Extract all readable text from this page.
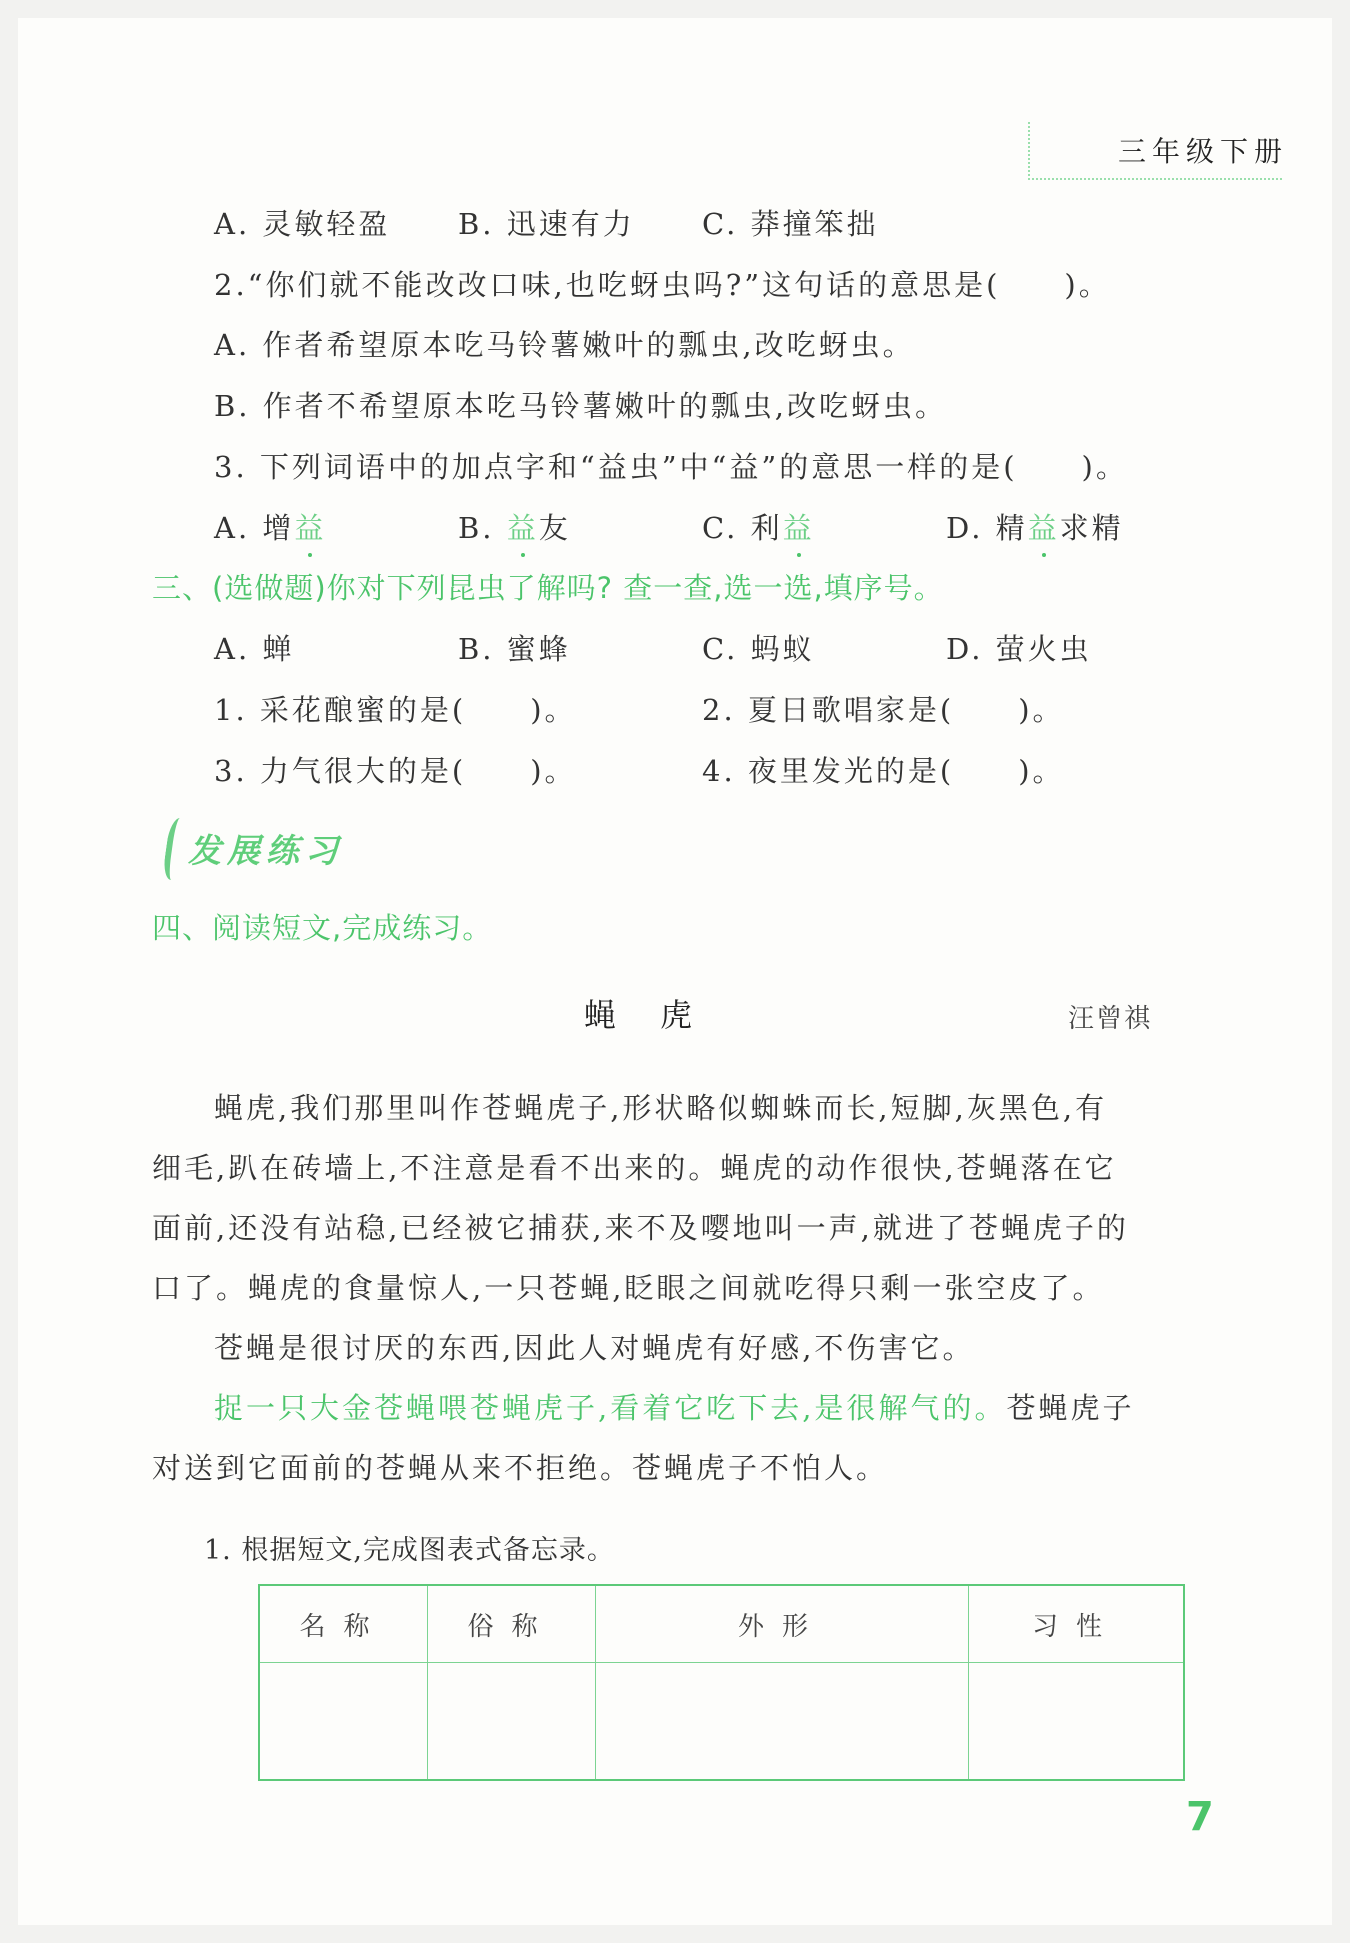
三年级下册
A. 灵敏轻盈 B. 迅速有力 C. 莽撞笨拙
2.“你们就不能改改口味,也吃蚜虫吗?”这句话的意思是(　　)。
A. 作者希望原本吃马铃薯嫩叶的瓢虫,改吃蚜虫。
B. 作者不希望原本吃马铃薯嫩叶的瓢虫,改吃蚜虫。
3. 下列词语中的加点字和“益虫”中“益”的意思一样的是(　　)。
A. 增益	B. 益友	C. 利益	D. 精益求精
三、(选做题)你对下列昆虫了解吗? 查一查,选一选,填序号。
A. 蝉	B. 蜜蜂	C. 蚂蚁	D. 萤火虫
1. 采花酿蜜的是(　　)。	2. 夏日歌唱家是(　　)。
3. 力气很大的是(　　)。	4. 夜里发光的是(　　)。
发展练习
四、阅读短文,完成练习。
蝇　虎	汪曾祺
蝇虎,我们那里叫作苍蝇虎子,形状略似蜘蛛而长,短脚,灰黑色,有
细毛,趴在砖墙上,不注意是看不出来的。蝇虎的动作很快,苍蝇落在它
面前,还没有站稳,已经被它捕获,来不及嘤地叫一声,就进了苍蝇虎子的
口了。蝇虎的食量惊人,一只苍蝇,眨眼之间就吃得只剩一张空皮了。
苍蝇是很讨厌的东西,因此人对蝇虎有好感,不伤害它。
捉一只大金苍蝇喂苍蝇虎子,看着它吃下去,是很解气的。苍蝇虎子
对送到它面前的苍蝇从来不拒绝。苍蝇虎子不怕人。
1. 根据短文,完成图表式备忘录。
名称	俗称	外形	习性

7
